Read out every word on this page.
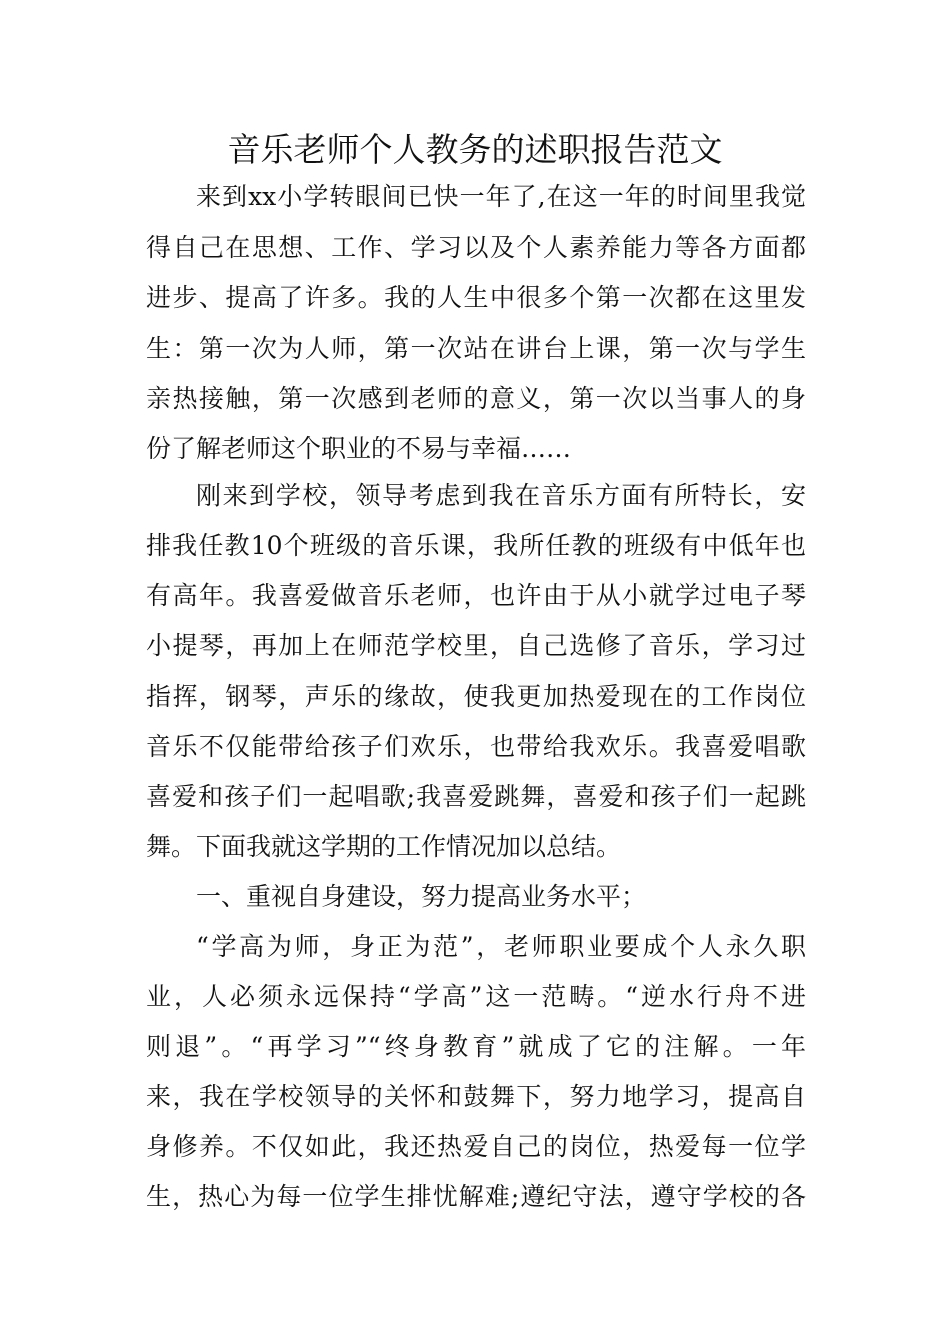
音乐老师个人教务的述职报告范文

来到xx小学转眼间已快一年了,在这一年的时间里我觉

得自己在思想、工作、学习以及个人素养能力等各方面都

进步、提高了许多。我的人生中很多个第一次都在这里发

生：第一次为人师，第一次站在讲台上课，第一次与学生

亲热接触，第一次感到老师的意义，第一次以当事人的身

份了解老师这个职业的不易与幸福……

刚来到学校，领导考虑到我在音乐方面有所特长，安

排我任教10个班级的音乐课，我所任教的班级有中低年也

有高年。我喜爱做音乐老师，也许由于从小就学过电子琴

小提琴，再加上在师范学校里，自己选修了音乐，学习过

指挥，钢琴，声乐的缘故，使我更加热爱现在的工作岗位

音乐不仅能带给孩子们欢乐，也带给我欢乐。我喜爱唱歌

喜爱和孩子们一起唱歌;我喜爱跳舞，喜爱和孩子们一起跳

舞。下面我就这学期的工作情况加以总结。

一、重视自身建设，努力提高业务水平；

“学高为师，身正为范”，老师职业要成个人永久职

业，人必须永远保持“学高”这一范畴。“逆水行舟不进

则退”。“再学习”“终身教育”就成了它的注解。一年

来，我在学校领导的关怀和鼓舞下，努力地学习，提高自

身修养。不仅如此，我还热爱自己的岗位，热爱每一位学

生，热心为每一位学生排忧解难;遵纪守法，遵守学校的各
